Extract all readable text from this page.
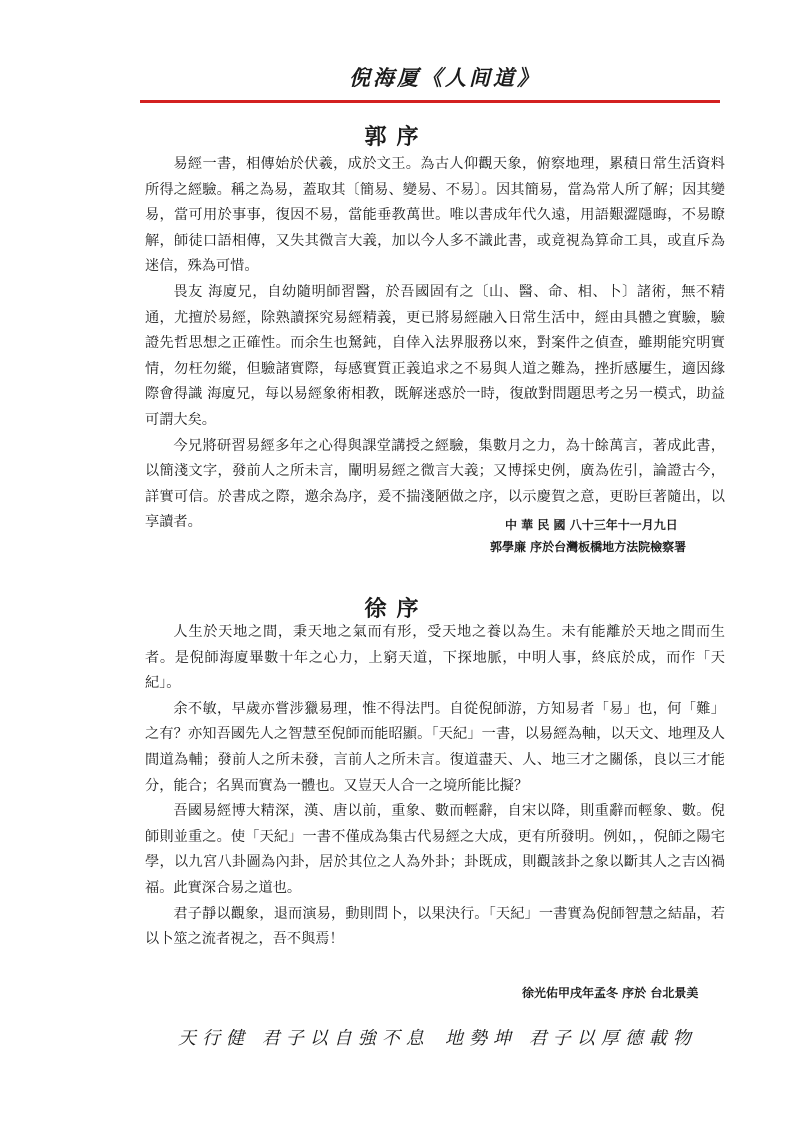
倪海厦《人间道》
郭序

易經一書，相傳始於伏羲，成於文王。為古人仰觀天象，俯察地理，累積日常生活資料所得之經驗。稱之為易，蓋取其〔簡易、變易、不易〕。因其簡易，當為常人所了解；因其變易，當可用於事事，復因不易，當能垂教萬世。唯以書成年代久遠，用語艱澀隱晦，不易瞭解，師徒口語相傳，又失其微言大義，加以今人多不識此書，或竟視為算命工具，或直斥為迷信，殊為可惜。

畏友 海廈兄，自幼隨明師習醫，於吾國固有之〔山、醫、命、相、卜〕諸術，無不精通，尤擅於易經，除熟讀探究易經精義，更已將易經融入日常生活中，經由具體之實驗，驗證先哲思想之正確性。而余生也駑鈍，自倖入法界服務以來，對案件之偵查，雖期能究明實情，勿枉勿縱，但驗諸實際，每感實質正義追求之不易與人道之難為，挫折感屢生，適因緣際會得識 海廈兄，每以易經象術相教，既解迷惑於一時，復啟對問題思考之另一模式，助益可謂大矣。

今兄將研習易經多年之心得與課堂講授之經驗，集數月之力，為十餘萬言，著成此書，以簡淺文字，發前人之所未言，闡明易經之微言大義；又博採史例，廣為佐引，論證古今，詳實可信。於書成之際，邀余為序，爰不揣淺陋做之序，以示慶賀之意，更盼巨著隨出，以享讀者。	中 華 民 國 八十三年十一月九日
郭學廉 序於台灣板橋地方法院檢察署
徐序

人生於天地之間，秉天地之氣而有形，受天地之養以為生。未有能離於天地之間而生者。是倪師海廈畢數十年之心力，上窮天道，下探地脈，中明人事，終底於成，而作「天紀」。

余不敏，早歲亦嘗涉獵易理，惟不得法門。自從倪師游，方知易者「易」也，何「難」之有？亦知吾國先人之智慧至倪師而能昭顯。「天紀」一書，以易經為軸，以天文、地理及人間道為輔；發前人之所未發，言前人之所未言。復道盡天、人、地三才之關係，良以三才能分，能合；名異而實為一體也。又豈天人合一之境所能比擬？

吾國易經博大精深，漢、唐以前，重象、數而輕辭，自宋以降，則重辭而輕象、數。倪師則並重之。使「天紀」一書不僅成為集古代易經之大成，更有所發明。例如，，倪師之陽宅學，以九宮八卦圖為內卦，居於其位之人為外卦；卦既成，則觀該卦之象以斷其人之吉凶禍福。此實深合易之道也。

君子靜以觀象，退而演易，動則問卜，以果決行。「天紀」一書實為倪師智慧之結晶，若以卜筮之流者視之，吾不與焉！

徐光佑甲戌年孟冬 序於 台北景美
天行健 君子以自強不息 地勢坤 君子以厚德載物
